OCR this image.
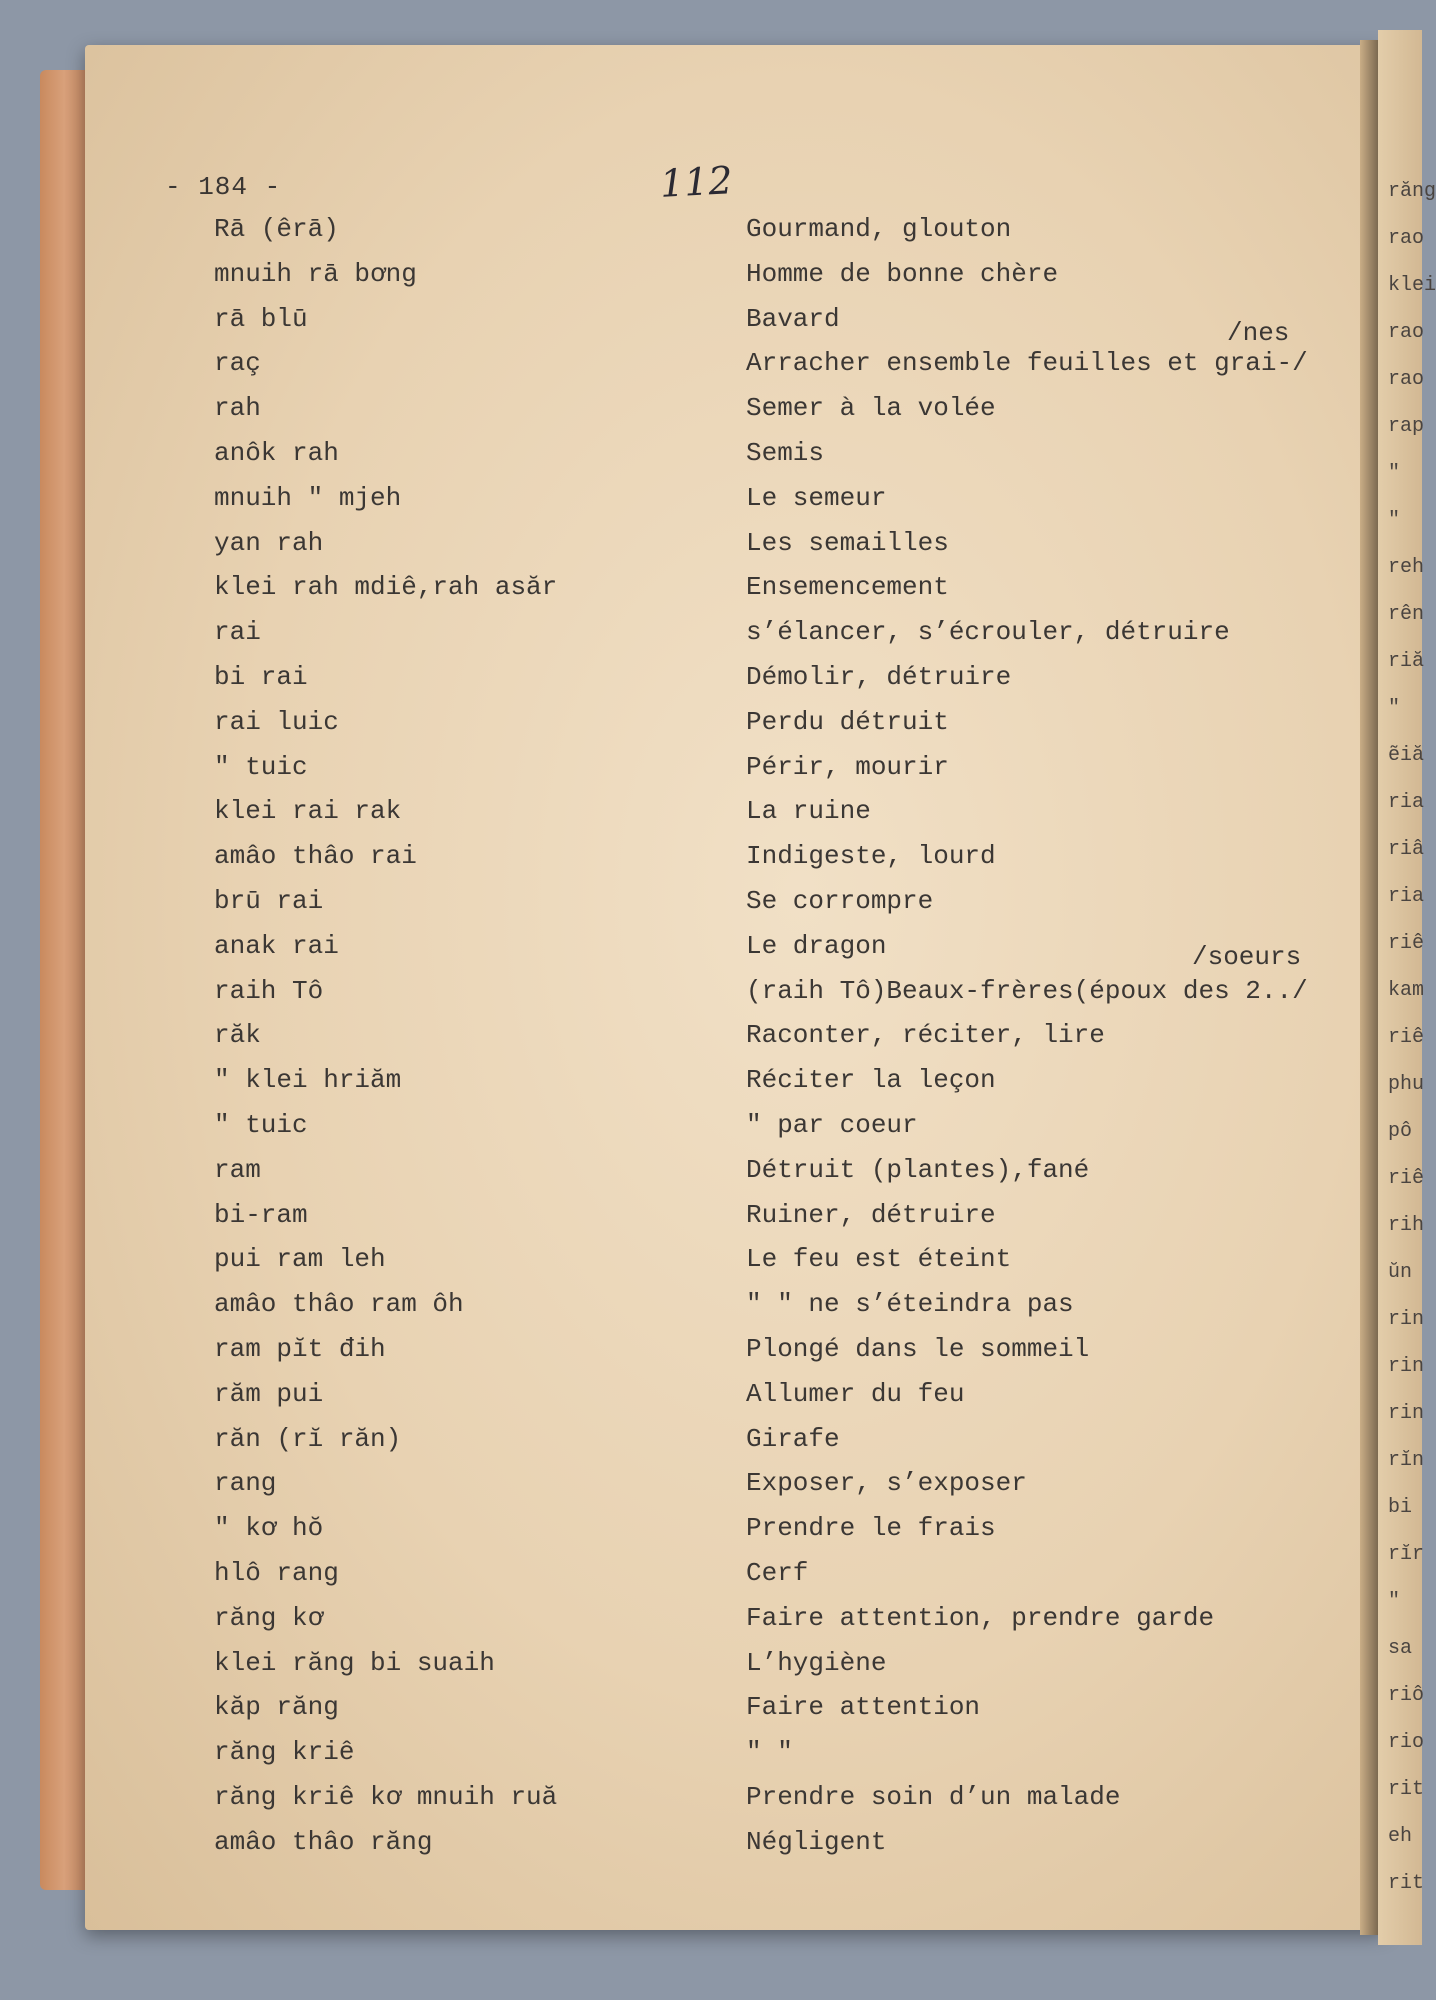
- 184 -	112
Rā (êrā)	Gourmand, glouton
mnuih rā bơng	Homme de bonne chère
rā blū	Bavard
raç	Arracher ensemble feuilles et grai-/
rah	Semer à la volée
anôk rah	Semis
mnuih " mjeh	Le semeur
yan rah	Les semailles
klei rah mdiê,rah asăr	Ensemencement
rai	s’élancer, s’écrouler, détruire
bi rai	Démolir, détruire
rai luic	Perdu détruit
" tuic	Périr, mourir
klei rai rak	La ruine
amâo thâo rai	Indigeste, lourd
brū rai	Se corrompre
anak rai	Le dragon
raih Tô	(raih Tô)Beaux-frères(époux des 2../
răk	Raconter, réciter, lire
" klei hriăm	Réciter la leçon
" tuic	" par coeur
ram	Détruit (plantes),fané
bi-ram	Ruiner, détruire
pui ram leh	Le feu est éteint
amâo thâo ram ôh	" " ne s’éteindra pas
ram pĭt đih	Plongé dans le sommeil
răm pui	Allumer du feu
răn (rĭ răn)	Girafe
rang	Exposer, s’exposer
" kơ hŏ	Prendre le frais
hlô rang	Cerf
răng kơ	Faire attention, prendre garde
klei răng bi suaih	L’hygiène
kăp răng	Faire attention
răng kriê	" "
răng kriê kơ mnuih ruă	Prendre soin d’un malade
amâo thâo răng	Négligent
/nes
/soeurs
răng
rao
klei
rao
rao
rap
"
"
reh
rên
riă
"
ẽiă
ria
riâ
ria
riê
kam
riê
phu
pô
riê
rih
ŭn
rin
rin
rin
rĭn
bi
rĭr
"
sa
riô
rio
rit
eh
rit
